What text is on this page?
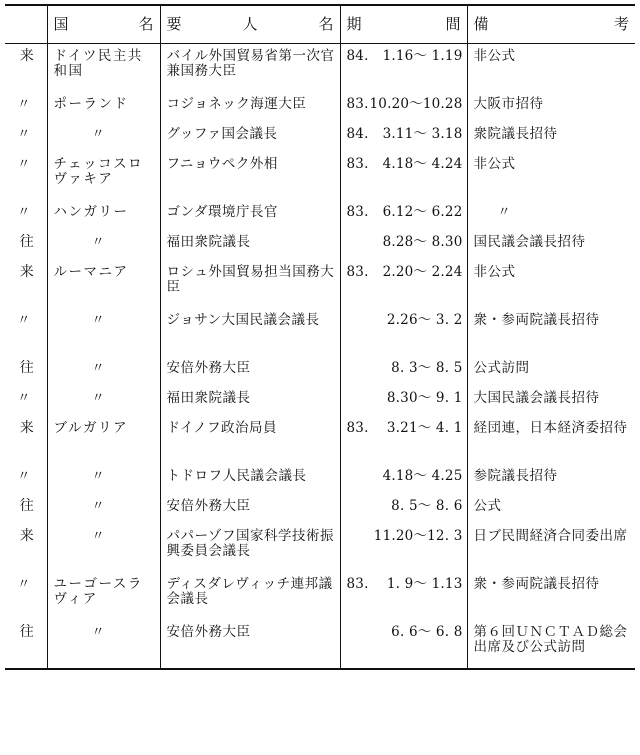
	国　　名	要　人　名	期　　間	備　　考

来	ドイツ民主共和国	バイル外国貿易省第一次官兼国務大臣	84. 1.16～ 1.19	非公式
〃	ポーランド	コジョネック海運大臣	83. 10.20～10.28	大阪市招待
〃	〃	グッファ国会議長	84. 3.11～ 3.18	衆院議長招待
〃	チェッコスロヴァキア	フニョウペク外相	83. 4.18～ 4.24	非公式
〃	ハンガリー	ゴンダ環境庁長官	83. 6.12～ 6.22	〃
往	〃	福田衆院議長	8.28～ 8.30	国民議会議長招待
来	ルーマニア	ロシュ外国貿易担当国務大臣	83. 2.20～ 2.24	非公式
〃	〃	ジョサン大国民議会議長	2.26～ 3. 2	衆・参両院議長招待
往	〃	安倍外務大臣	8. 3～ 8. 5	公式訪問
〃	〃	福田衆院議長	8.30～ 9. 1	大国民議会議長招待
来	ブルガリア	ドイノフ政治局員	83. 3.21～ 4. 1	経団連，日本経済委招待
〃	〃	トドロフ人民議会議長	4.18～ 4.25	参院議長招待
往	〃	安倍外務大臣	8. 5～ 8. 6	公式
来	〃	パパーゾフ国家科学技術振興委員会議長	11.20～12. 3	日ブ民間経済合同委出席
〃	ユーゴースラヴィア	ディスダレヴィッチ連邦議会議長	83. 1. 9～ 1.13	衆・参両院議長招待
往	〃	安倍外務大臣	6. 6～ 6. 8	第６回ＵＮＣＴＡＤ総会出席及び公式訪問
